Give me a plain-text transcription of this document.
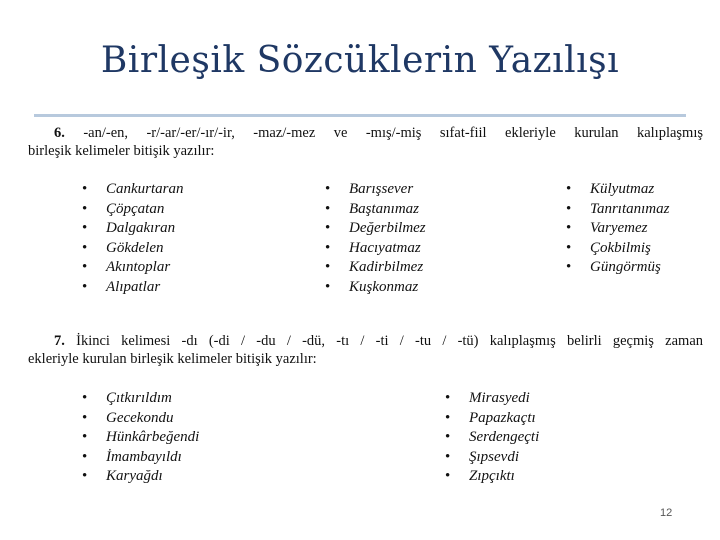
Birleşik Sözcüklerin Yazılışı
6. -an/-en, -r/-ar/-er/-ır/-ir, -maz/-mez ve -mış/-miş sıfat-fiil ekleriyle kurulan kalıplaşmış
birleşik kelimeler bitişik yazılır:
• Cankurtaran
• Çöpçatan
• Dalgakıran
• Gökdelen
• Akıntoplar
• Alıpatlar
• Barışsever
• Baştanımaz
• Değerbilmez
• Hacıyatmaz
• Kadirbilmez
• Kuşkonmaz
• Külyutmaz
• Tanrıtanımaz
• Varyemez
• Çokbilmiş
• Güngörmüş
7. İkinci kelimesi -dı (-di / -du / -dü, -tı / -ti / -tu / -tü) kalıplaşmış belirli geçmiş zaman
ekleriyle kurulan birleşik kelimeler bitişik yazılır:
• Çıtkırıldım
• Gecekondu
• Hünkârbeğendi
• İmambayıldı
• Karyağdı
• Mirasyedi
• Papazkaçtı
• Serdengeçti
• Şıpsevdi
• Zıpçıktı
12
